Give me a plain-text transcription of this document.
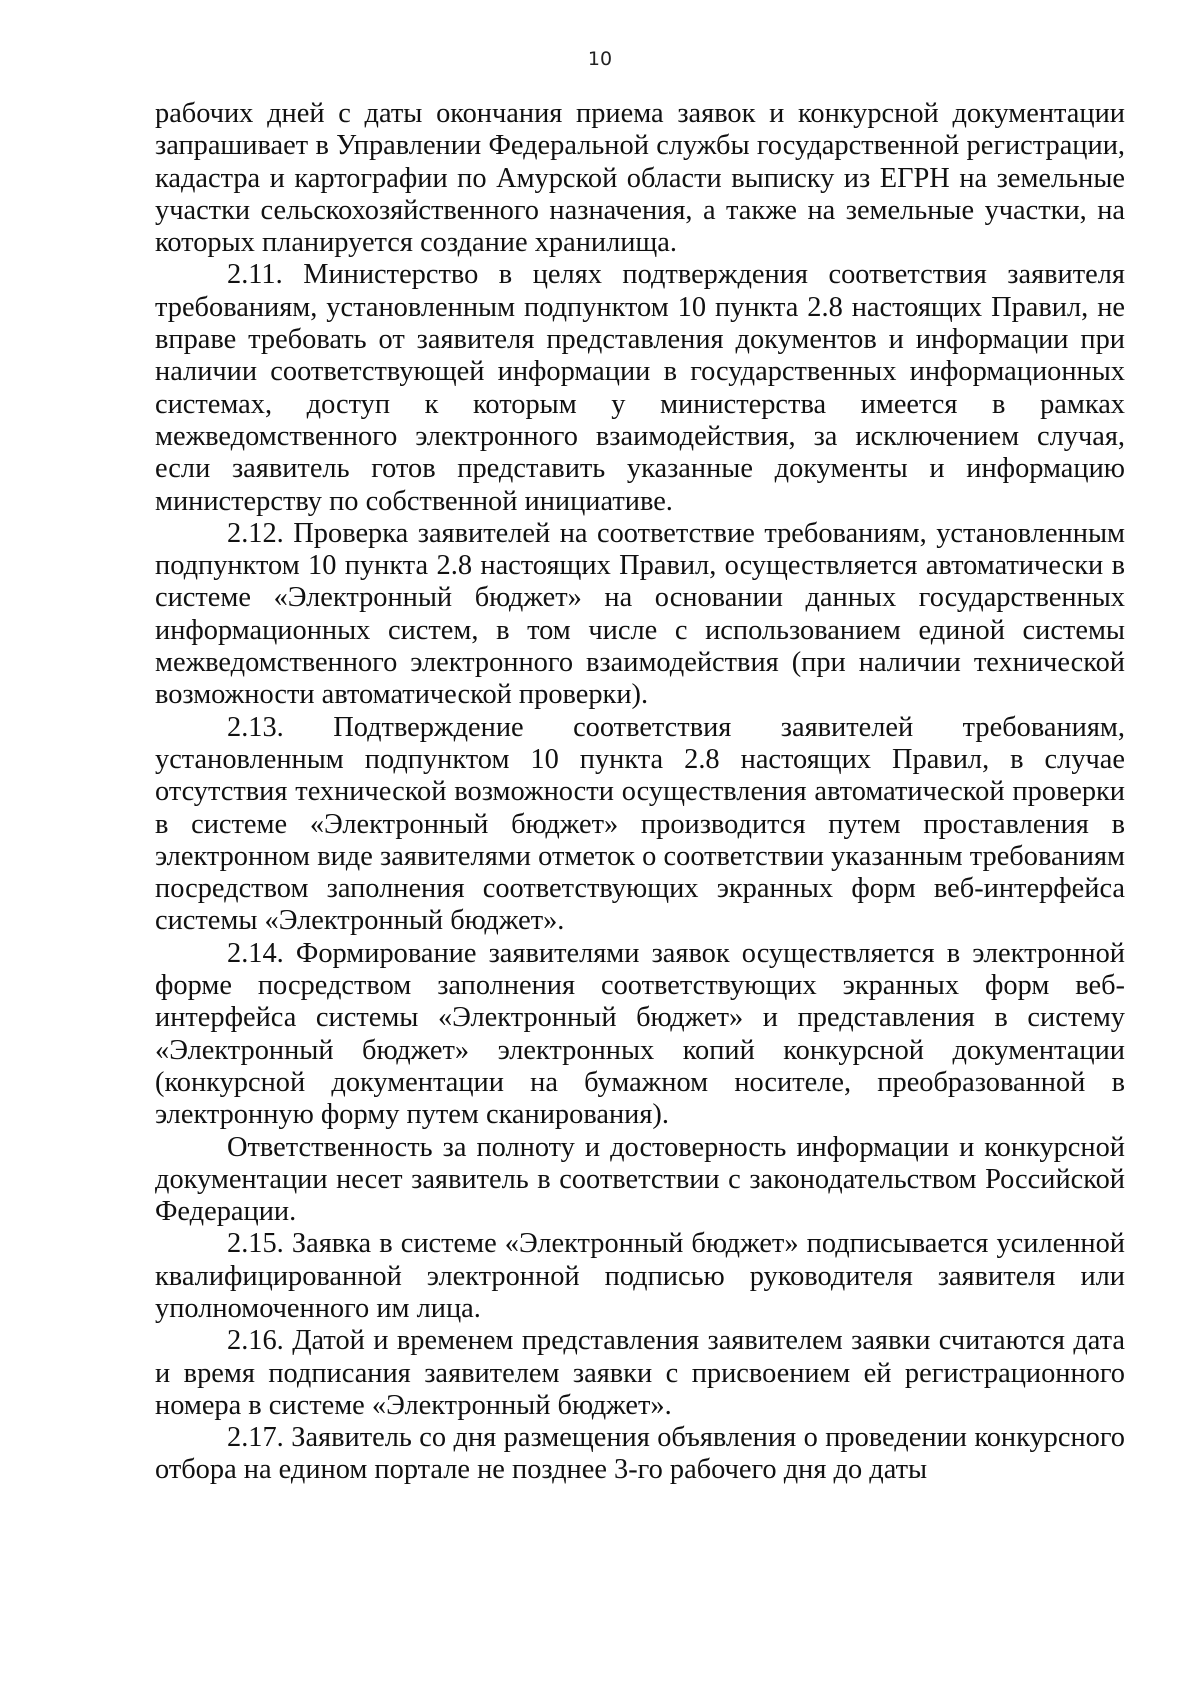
10

рабочих дней с даты окончания приема заявок и конкурсной документации запрашивает в Управлении Федеральной службы государственной регистрации, кадастра и картографии по Амурской области выписку из ЕГРН на земельные участки сельскохозяйственного назначения, а также на земельные участки, на которых планируется создание хранилища.

2.11. Министерство в целях подтверждения соответствия заявителя требованиям, установленным подпунктом 10 пункта 2.8 настоящих Правил, не вправе требовать от заявителя представления документов и информации при наличии соответствующей информации в государственных информационных системах, доступ к которым у министерства имеется в рамках межведомственного электронного взаимодействия, за исключением случая, если заявитель готов представить указанные документы и информацию министерству по собственной инициативе.

2.12. Проверка заявителей на соответствие требованиям, установленным подпунктом 10 пункта 2.8 настоящих Правил, осуществляется автоматически в системе «Электронный бюджет» на основании данных государственных информационных систем, в том числе с использованием единой системы межведомственного электронного взаимодействия (при наличии технической возможности автоматической проверки).

2.13. Подтверждение соответствия заявителей требованиям, установленным подпунктом 10 пункта 2.8 настоящих Правил, в случае отсутствия технической возможности осуществления автоматической проверки в системе «Электронный бюджет» производится путем проставления в электронном виде заявителями отметок о соответствии указанным требованиям посредством заполнения соответствующих экранных форм веб-интерфейса системы «Электронный бюджет».

2.14. Формирование заявителями заявок осуществляется в электронной форме посредством заполнения соответствующих экранных форм веб-интерфейса системы «Электронный бюджет» и представления в систему «Электронный бюджет» электронных копий конкурсной документации (конкурсной документации на бумажном носителе, преобразованной в электронную форму путем сканирования).

Ответственность за полноту и достоверность информации и конкурсной документации несет заявитель в соответствии с законодательством Российской Федерации.

2.15. Заявка в системе «Электронный бюджет» подписывается усиленной квалифицированной электронной подписью руководителя заявителя или уполномоченного им лица.

2.16. Датой и временем представления заявителем заявки считаются дата и время подписания заявителем заявки с присвоением ей регистрационного номера в системе «Электронный бюджет».

2.17. Заявитель со дня размещения объявления о проведении конкурсного отбора на едином портале не позднее 3-го рабочего дня до даты
